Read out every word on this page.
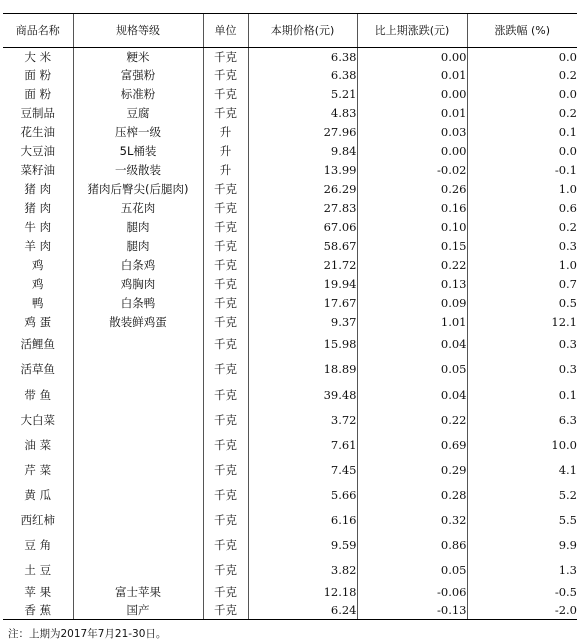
商品名称	规格等级	单位	本期价格(元)	比上期涨跌(元)	涨跌幅 (%)
大 米	粳米	千克	6.38	0.00	0.0
面 粉	富强粉	千克	6.38	0.01	0.2
面 粉	标准粉	千克	5.21	0.00	0.0
豆制品	豆腐	千克	4.83	0.01	0.2
花生油	压榨一级	升	27.96	0.03	0.1
大豆油	5L桶装	升	9.84	0.00	0.0
菜籽油	一级散装	升	13.99	-0.02	-0.1
猪 肉	猪肉后臀尖(后腿肉)	千克	26.29	0.26	1.0
猪 肉	五花肉	千克	27.83	0.16	0.6
牛 肉	腿肉	千克	67.06	0.10	0.2
羊 肉	腿肉	千克	58.67	0.15	0.3
鸡	白条鸡	千克	21.72	0.22	1.0
鸡	鸡胸肉	千克	19.94	0.13	0.7
鸭	白条鸭	千克	17.67	0.09	0.5
鸡 蛋	散装鲜鸡蛋	千克	9.37	1.01	12.1
活鲤鱼		千克	15.98	0.04	0.3
活草鱼		千克	18.89	0.05	0.3
带 鱼		千克	39.48	0.04	0.1
大白菜		千克	3.72	0.22	6.3
油 菜		千克	7.61	0.69	10.0
芹 菜		千克	7.45	0.29	4.1
黄 瓜		千克	5.66	0.28	5.2
西红柿		千克	6.16	0.32	5.5
豆 角		千克	9.59	0.86	9.9
土 豆		千克	3.82	0.05	1.3
苹 果	富士苹果	千克	12.18	-0.06	-0.5
香 蕉	国产	千克	6.24	-0.13	-2.0
注：上期为2017年7月21-30日。
